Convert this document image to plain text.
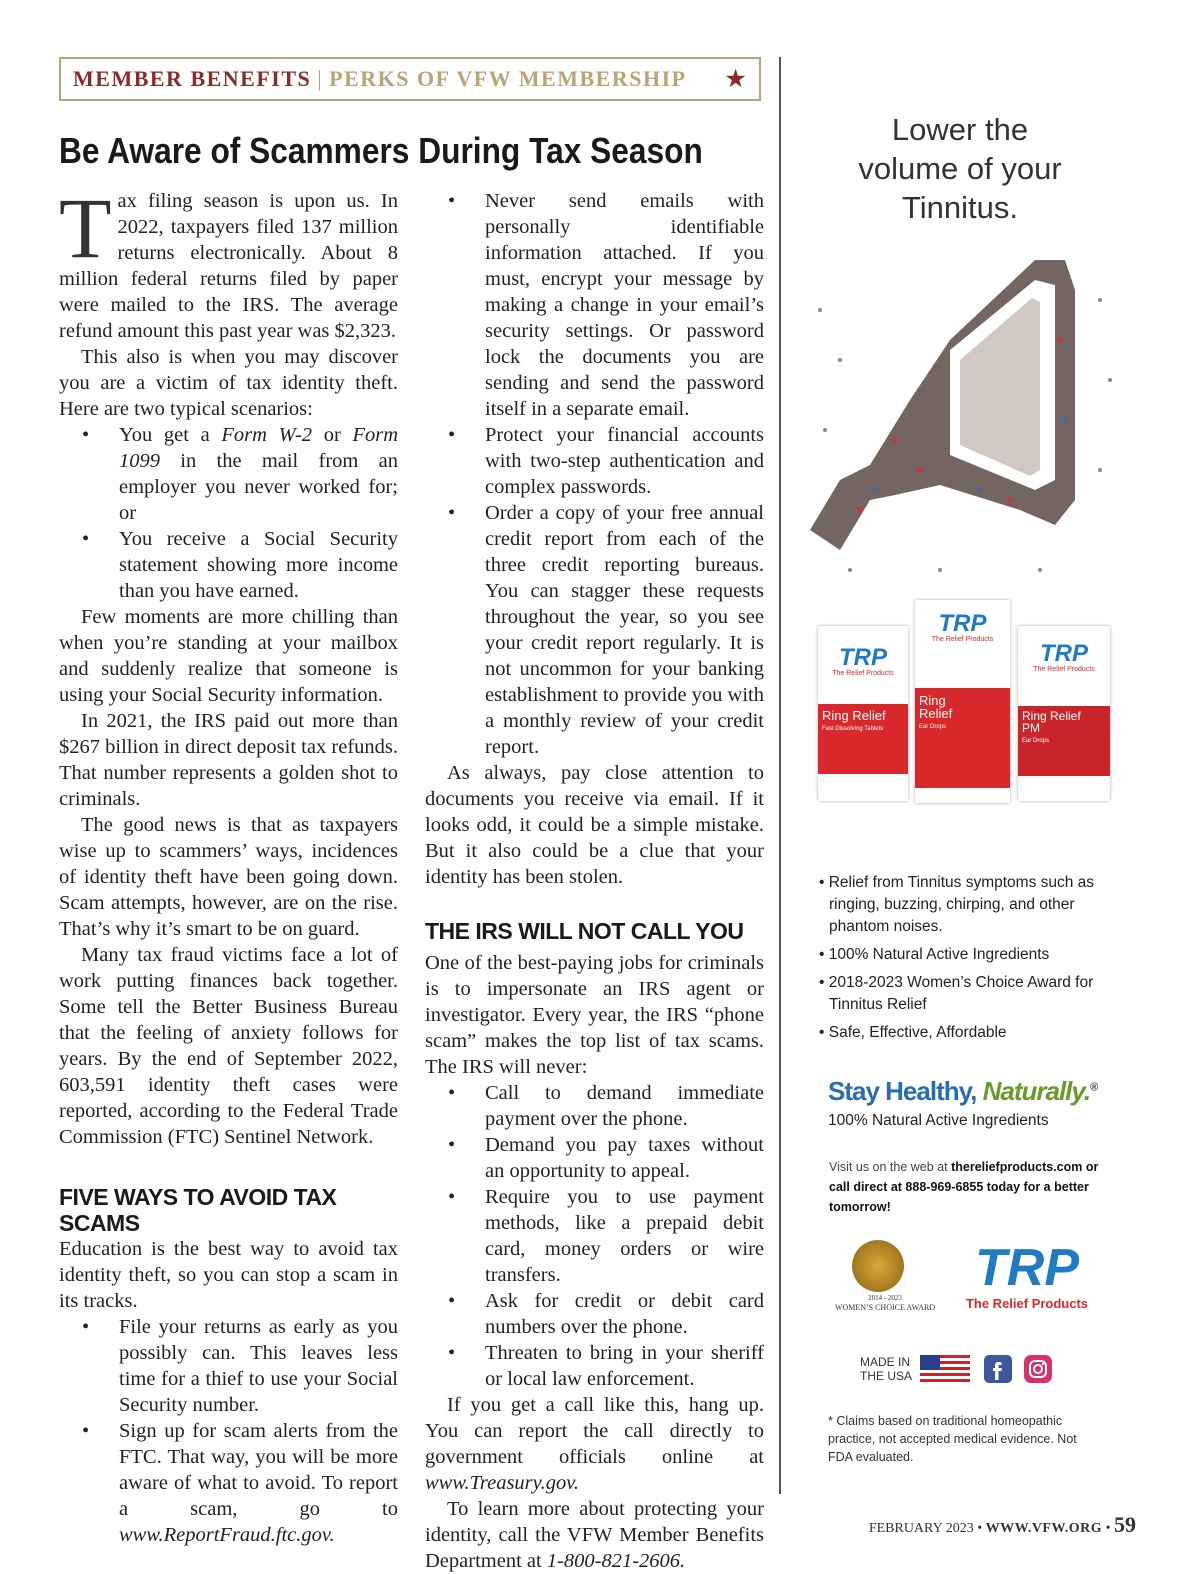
MEMBER BENEFITS | PERKS OF VFW MEMBERSHIP ★
Be Aware of Scammers During Tax Season

Tax filing season is upon us. In 2022, taxpayers filed 137 million returns electronically. About 8 million federal returns filed by paper were mailed to the IRS. The average refund amount this past year was $2,323.

This also is when you may discover you are a victim of tax identity theft. Here are two typical scenarios:

• You get a Form W-2 or Form 1099 in the mail from an employer you never worked for; or
• You receive a Social Security statement showing more income than you have earned.

Few moments are more chilling than when you’re standing at your mailbox and suddenly realize that someone is using your Social Security information.

In 2021, the IRS paid out more than $267 billion in direct deposit tax refunds. That number represents a golden shot to criminals.

The good news is that as taxpayers wise up to scammers’ ways, incidences of identity theft have been going down. Scam attempts, however, are on the rise. That’s why it’s smart to be on guard.

Many tax fraud victims face a lot of work putting finances back together. Some tell the Better Business Bureau that the feeling of anxiety follows for years. By the end of September 2022, 603,591 identity theft cases were reported, according to the Federal Trade Commission (FTC) Sentinel Network.

FIVE WAYS TO AVOID TAX SCAMS

Education is the best way to avoid tax identity theft, so you can stop a scam in its tracks.

• File your returns as early as you possibly can. This leaves less time for a thief to use your Social Security number.
• Sign up for scam alerts from the FTC. That way, you will be more aware of what to avoid. To report a scam, go to www.ReportFraud.ftc.gov.
• Never send emails with personally identifiable information attached. If you must, encrypt your message by making a change in your email’s security settings. Or password lock the documents you are sending and send the password itself in a separate email.
• Protect your financial accounts with two-step authentication and complex passwords.
• Order a copy of your free annual credit report from each of the three credit reporting bureaus. You can stagger these requests throughout the year, so you see your credit report regularly. It is not uncommon for your banking establishment to provide you with a monthly review of your credit report.

As always, pay close attention to documents you receive via email. If it looks odd, it could be a simple mistake. But it also could be a clue that your identity has been stolen.

THE IRS WILL NOT CALL YOU

One of the best-paying jobs for criminals is to impersonate an IRS agent or investigator. Every year, the IRS “phone scam” makes the top list of tax scams. The IRS will never:

• Call to demand immediate payment over the phone.
• Demand you pay taxes without an opportunity to appeal.
• Require you to use payment methods, like a prepaid debit card, money orders or wire transfers.
• Ask for credit or debit card numbers over the phone.
• Threaten to bring in your sheriff or local law enforcement.

If you get a call like this, hang up. You can report the call directly to government officials online at www.Treasury.gov.

To learn more about protecting your identity, call the VFW Member Benefits Department at 1-800-821-2606.

Lower the
volume of your
Tinnitus.
TRP
The Relief Products
Ring Relief
Fast Dissolving Tablets
TRP
The Relief Products
Ring Relief
Ear Drops
TRP
The Relief Products
Ring Relief PM
Ear Drops
• Relief from Tinnitus symptoms such as ringing, buzzing, chirping, and other phantom noises.
• 100% Natural Active Ingredients
• 2018-2023 Women’s Choice Award for Tinnitus Relief
• Safe, Effective, Affordable
Stay Healthy, Naturally.®
100% Natural Active Ingredients
Visit us on the web at thereliefproducts.com or call direct at 888-969-6855 today for a better tomorrow!
2014 - 2023
WOMEN’S CHOICE AWARD
TRP
The Relief Products
MADE IN
THE USA
* Claims based on traditional homeopathic practice, not accepted medical evidence. Not FDA evaluated.
FEBRUARY 2023 • WWW.VFW.ORG • 59
